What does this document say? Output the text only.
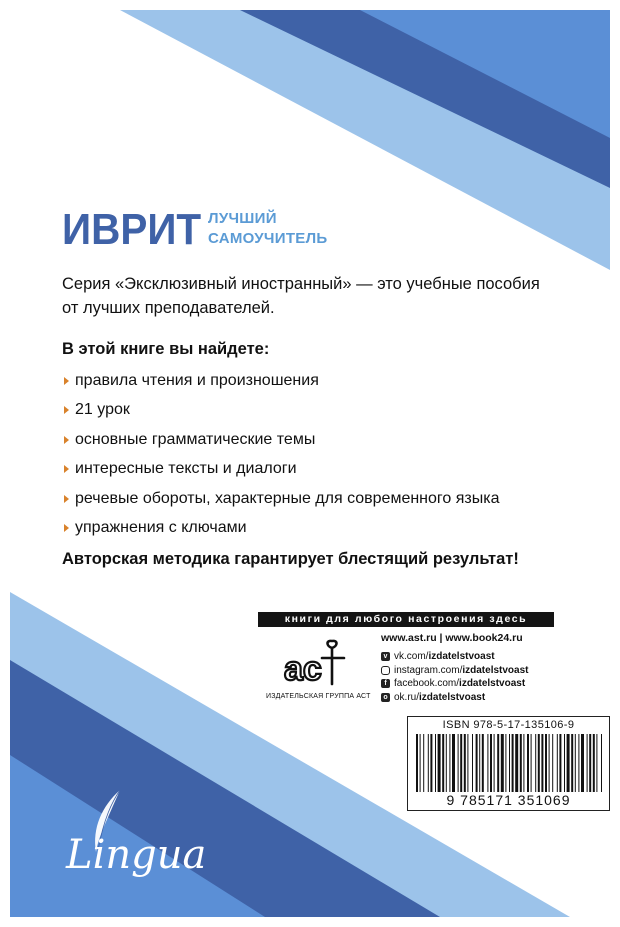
ИВРИТ ЛУЧШИЙ
САМОУЧИТЕЛЬ
Серия «Эксклюзивный иностранный» — это учебные пособия
от лучших преподавателей.
В этой книге вы найдете:
правила чтения и произношения
21 урок
основные грамматические темы
интересные тексты и диалоги
речевые обороты, характерные для современного языка
упражнения с ключами
Авторская методика гарантирует блестящий результат!
книги для любого настроения здесь
ас
ИЗДАТЕЛЬСКАЯ ГРУППА АСТ
www.ast.ru | www.book24.ru
v vk.com/ izdatelstvoast
instagram.com/ izdatelstvoast
f facebook.com/ izdatelstvoast
o ok.ru/ izdatelstvoast
ISBN 978-5-17-135106-9
9 785171 351069
Lingua
